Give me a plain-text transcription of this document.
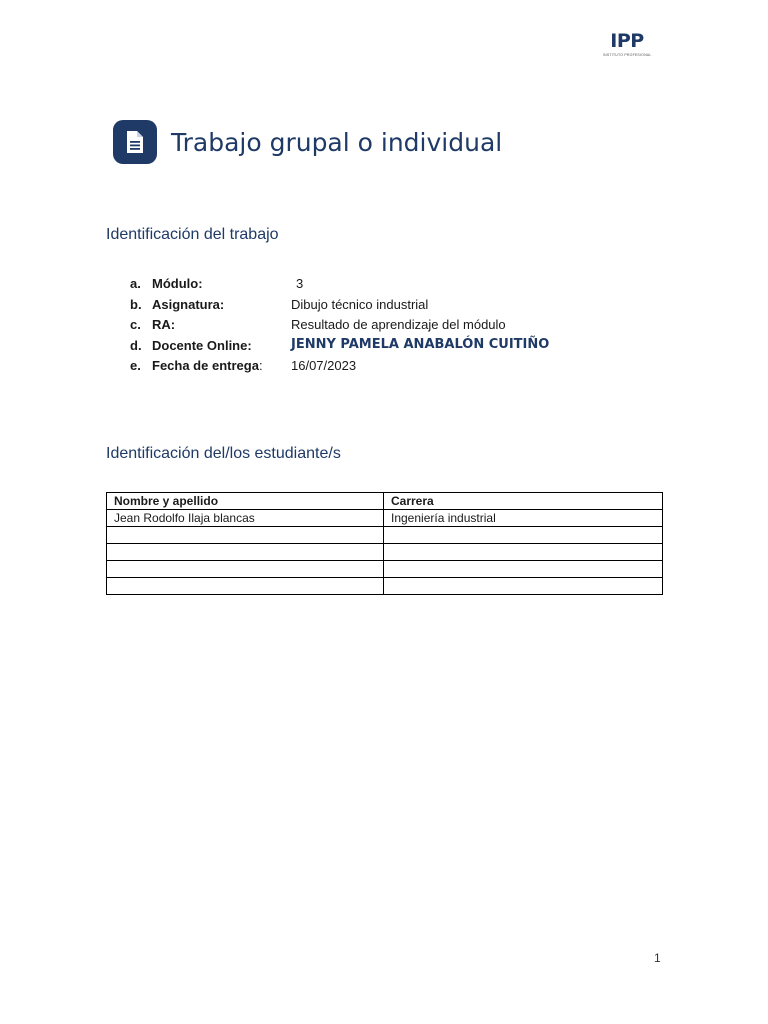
IPP
INSTITUTO PROFESIONAL
Trabajo grupal o individual
Identificación del trabajo
a. Módulo:	3
b. Asignatura:	Dibujo técnico industrial
c. RA:	Resultado de aprendizaje del módulo
d. Docente Online:	JENNY PAMELA ANABALÓN CUITIÑO
e. Fecha de entrega: 16/07/2023
Identificación del/los estudiante/s
Nombre y apellido	Carrera
Jean Rodolfo Ilaja blancas	Ingeniería industrial

1
